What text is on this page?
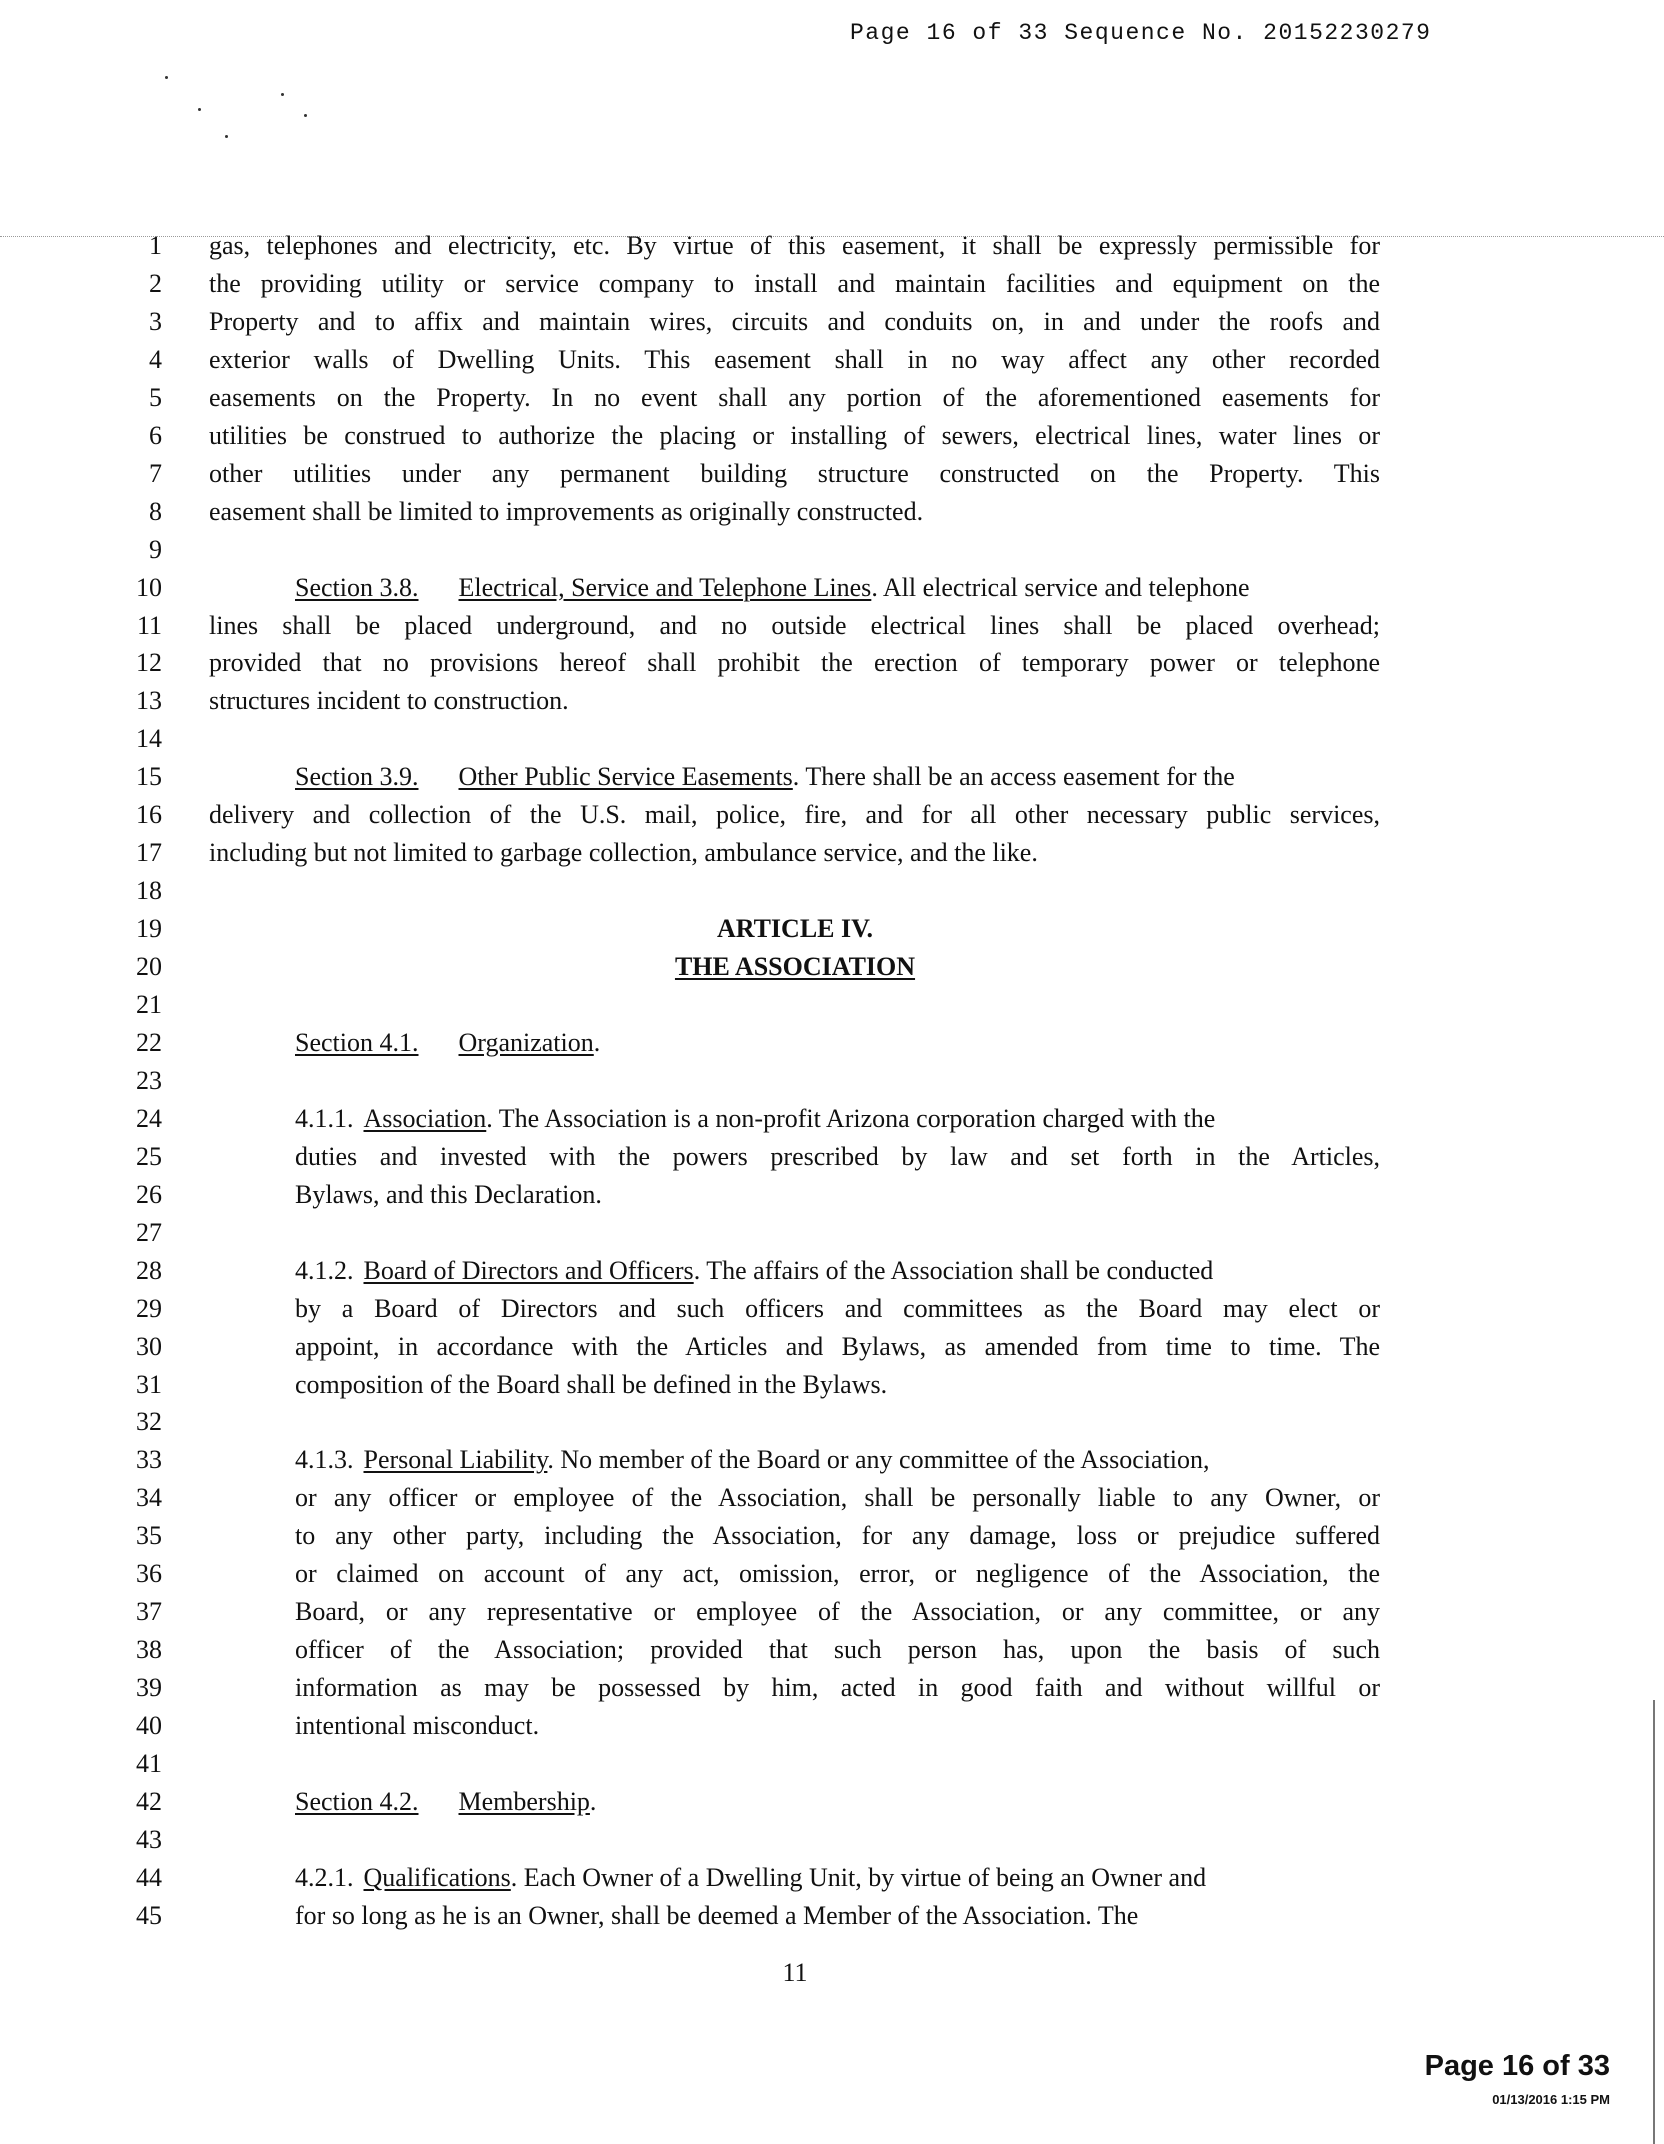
Page 16 of 33 Sequence No. 20152230279
1 gas, telephones and electricity, etc. By virtue of this easement, it shall be expressly permissible for
2 the providing utility or service company to install and maintain facilities and equipment on the
3 Property and to affix and maintain wires, circuits and conduits on, in and under the roofs and
4 exterior walls of Dwelling Units. This easement shall in no way affect any other recorded
5 easements on the Property. In no event shall any portion of the aforementioned easements for
6 utilities be construed to authorize the placing or installing of sewers, electrical lines, water lines or
7 other utilities under any permanent building structure constructed on the Property. This
8 easement shall be limited to improvements as originally constructed.
9
10	Section 3.8. Electrical, Service and Telephone Lines. All electrical service and telephone
11 lines shall be placed underground, and no outside electrical lines shall be placed overhead;
12 provided that no provisions hereof shall prohibit the erection of temporary power or telephone
13 structures incident to construction.
14
15	Section 3.9. Other Public Service Easements. There shall be an access easement for the
16 delivery and collection of the U.S. mail, police, fire, and for all other necessary public services,
17 including but not limited to garbage collection, ambulance service, and the like.
18
19	ARTICLE IV.
20	THE ASSOCIATION
21
22	Section 4.1. Organization.
23
24	4.1.1. Association. The Association is a non-profit Arizona corporation charged with the
25	duties and invested with the powers prescribed by law and set forth in the Articles,
26	Bylaws, and this Declaration.
27
28	4.1.2. Board of Directors and Officers. The affairs of the Association shall be conducted
29	by a Board of Directors and such officers and committees as the Board may elect or
30	appoint, in accordance with the Articles and Bylaws, as amended from time to time. The
31	composition of the Board shall be defined in the Bylaws.
32
33	4.1.3. Personal Liability. No member of the Board or any committee of the Association,
34	or any officer or employee of the Association, shall be personally liable to any Owner, or
35	to any other party, including the Association, for any damage, loss or prejudice suffered
36	or claimed on account of any act, omission, error, or negligence of the Association, the
37	Board, or any representative or employee of the Association, or any committee, or any
38	officer of the Association; provided that such person has, upon the basis of such
39	information as may be possessed by him, acted in good faith and without willful or
40	intentional misconduct.
41
42	Section 4.2. Membership.
43
44	4.2.1. Qualifications. Each Owner of a Dwelling Unit, by virtue of being an Owner and
45	for so long as he is an Owner, shall be deemed a Member of the Association. The
11
Page 16 of 33
01/13/2016 1:15 PM
